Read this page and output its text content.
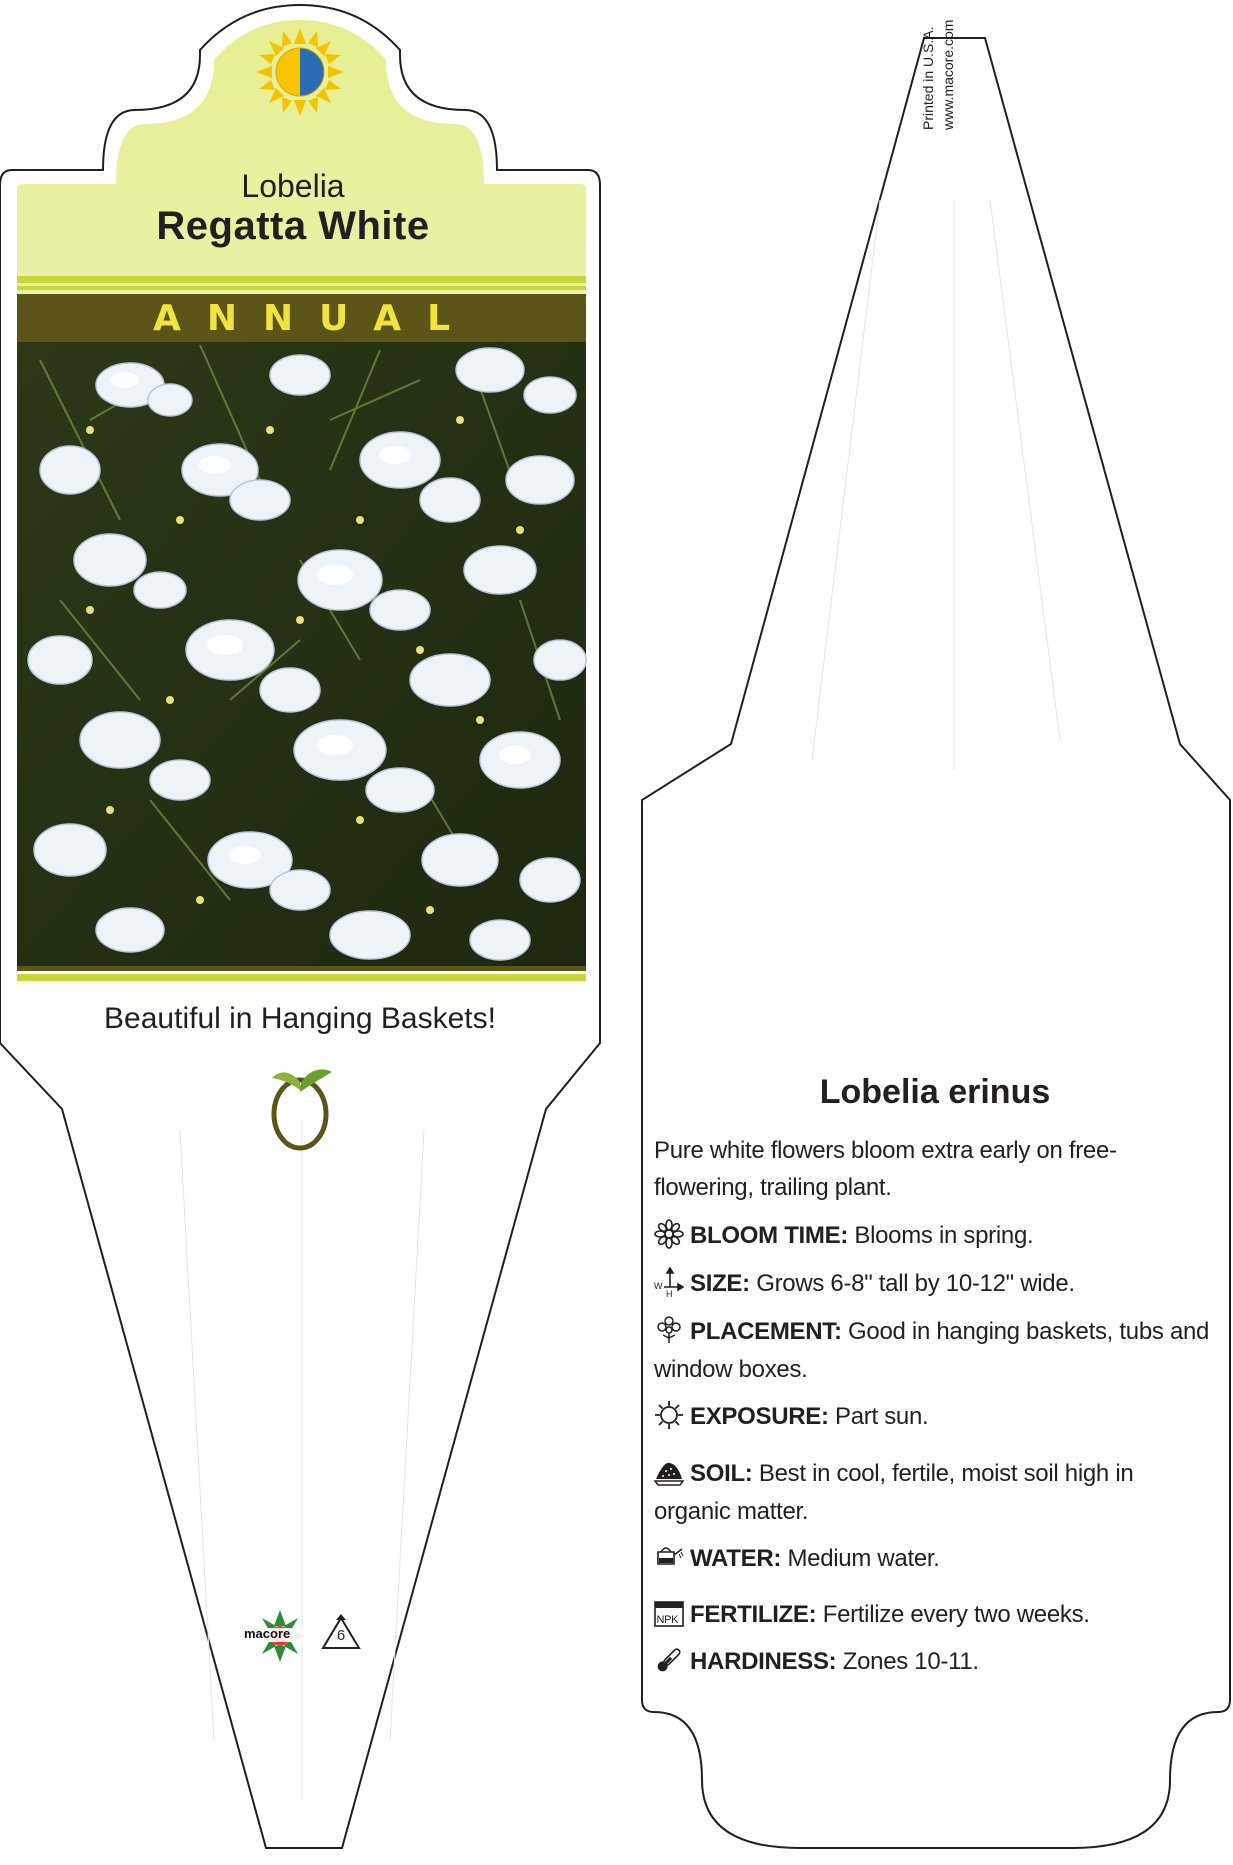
Lobelia
Regatta White
ANNUAL
Beautiful in Hanging Baskets!
macore	6
Printed in U.S.A. www.macore.com
Lobelia erinus
Pure white flowers bloom extra early on free-flowering, trailing plant.
BLOOM TIME: Blooms in spring.
W
H SIZE: Grows 6-8" tall by 10-12" wide.
PLACEMENT: Good in hanging baskets, tubs and window boxes.
EXPOSURE: Part sun.
SOIL: Best in cool, fertile, moist soil high in organic matter.
WATER: Medium water.
NPK FERTILIZE: Fertilize every two weeks.
HARDINESS: Zones 10-11.
